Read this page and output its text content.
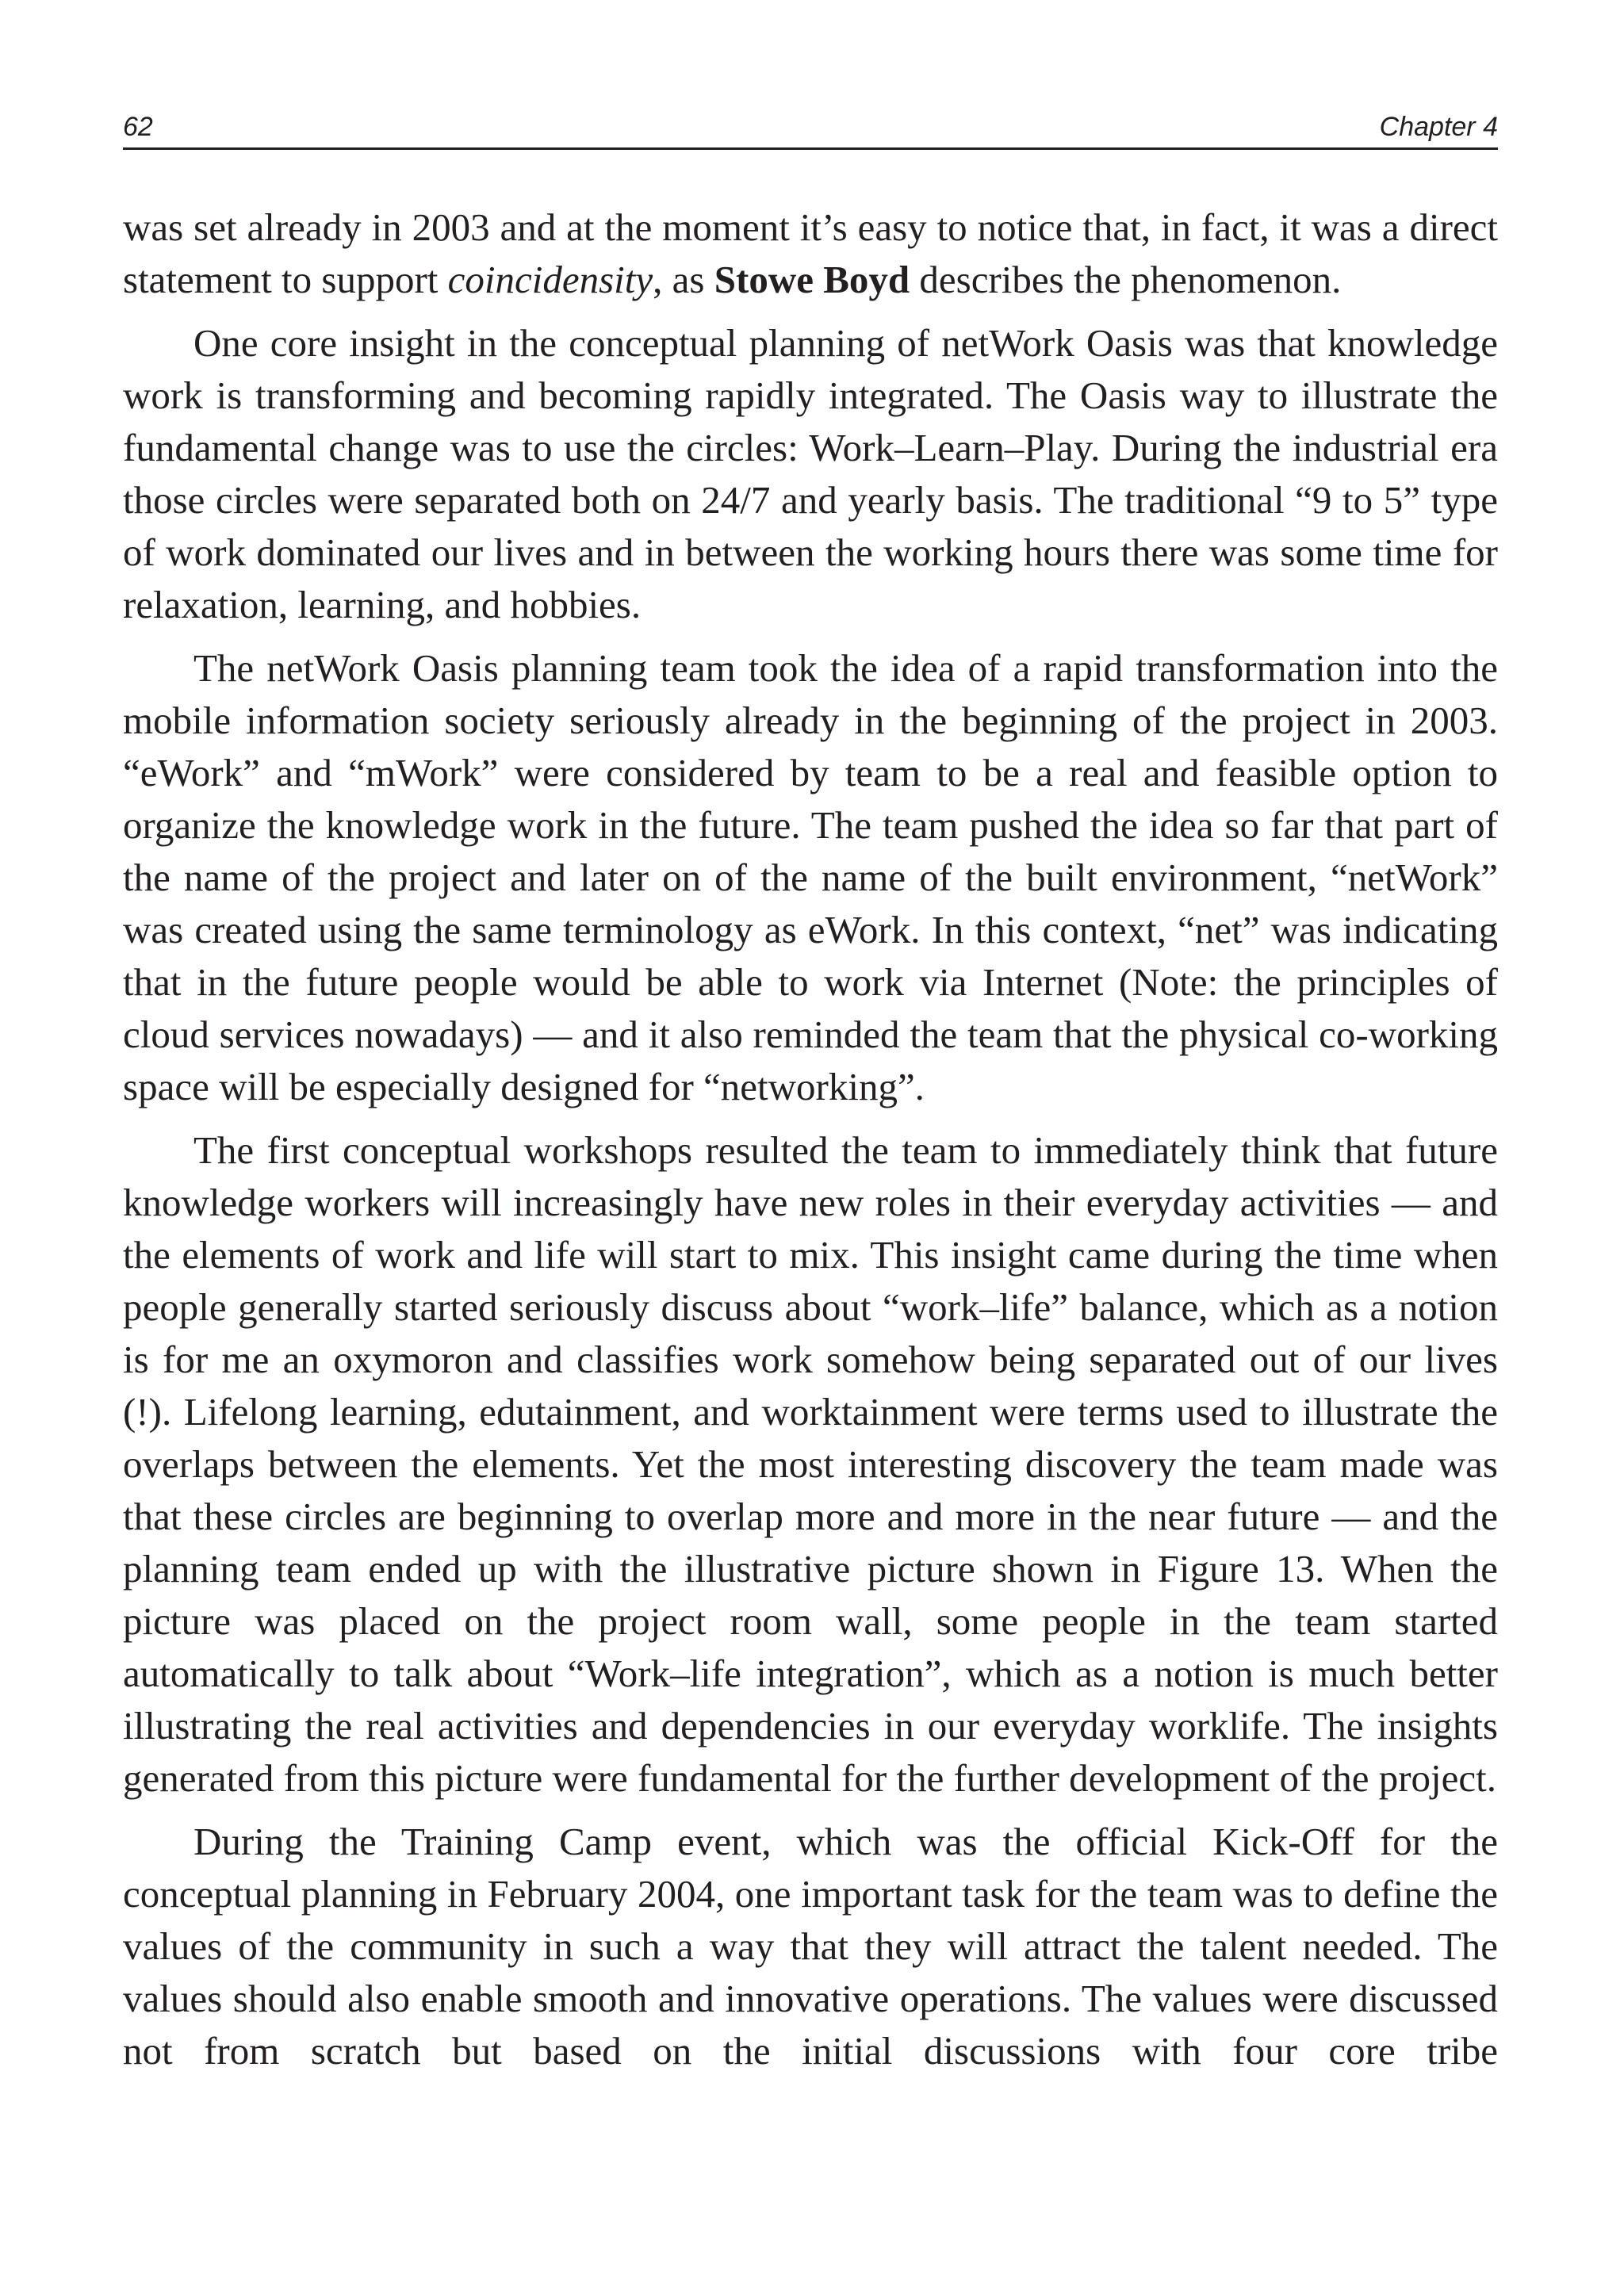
62	Chapter 4

was set already in 2003 and at the moment it’s easy to notice that, in fact, it was a direct statement to support coincidensity, as Stowe Boyd describes the phenomenon.

One core insight in the conceptual planning of netWork Oasis was that knowledge work is transforming and becoming rapidly integrated. The Oasis way to illustrate the fundamental change was to use the circles: Work–Learn–Play. During the industrial era those circles were separated both on 24/7 and yearly basis. The traditional “9 to 5” type of work dominated our lives and in between the working hours there was some time for relaxation, learning, and hobbies.

The netWork Oasis planning team took the idea of a rapid transformation into the mobile information society seriously already in the beginning of the project in 2003. “eWork” and “mWork” were considered by team to be a real and feasible option to organize the knowledge work in the future. The team pushed the idea so far that part of the name of the project and later on of the name of the built environment, “netWork” was created using the same terminology as eWork. In this context, “net” was indicating that in the future people would be able to work via Internet (Note: the principles of cloud services nowadays) — and it also reminded the team that the physical co-working space will be especially designed for “networking”.

The first conceptual workshops resulted the team to immediately think that future knowledge workers will increasingly have new roles in their everyday activities — and the elements of work and life will start to mix. This insight came during the time when people generally started seriously discuss about “work–life” balance, which as a notion is for me an oxymoron and classifies work somehow being separated out of our lives (!). Lifelong learning, edutainment, and worktainment were terms used to illustrate the overlaps between the elements. Yet the most interesting discovery the team made was that these circles are beginning to overlap more and more in the near future — and the planning team ended up with the illustrative picture shown in Figure 13. When the picture was placed on the project room wall, some people in the team started automatically to talk about “Work–life integration”, which as a notion is much better illustrating the real activities and dependencies in our everyday worklife. The insights generated from this picture were fundamental for the further development of the project.

During the Training Camp event, which was the official Kick-Off for the conceptual planning in February 2004, one important task for the team was to define the values of the community in such a way that they will attract the talent needed. The values should also enable smooth and innovative operations. The values were discussed not from scratch but based on the initial discussions with four core tribe
